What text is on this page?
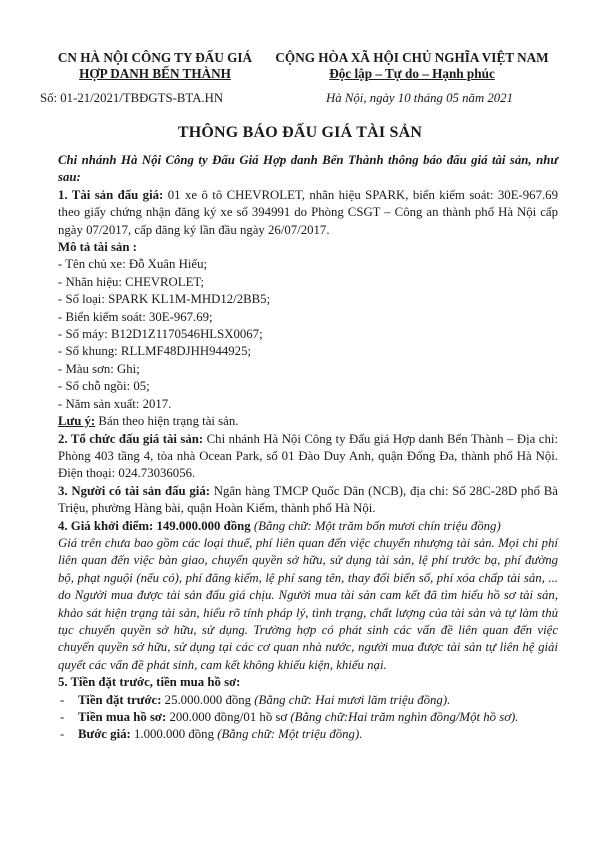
CN HÀ NỘI CÔNG TY ĐẤU GIÁ
HỢP DANH BẾN THÀNH
CỘNG HÒA XÃ HỘI CHỦ NGHĨA VIỆT NAM
Độc lập – Tự do – Hạnh phúc
Số: 01-21/2021/TBĐGTS-BTA.HN	Hà Nội, ngày 10 tháng 05 năm 2021
THÔNG BÁO ĐẤU GIÁ TÀI SẢN

Chi nhánh Hà Nội Công ty Đấu Giá Hợp danh Bến Thành thông báo đấu giá tài sản, như sau:

1. Tài sản đấu giá: 01 xe ô tô CHEVROLET, nhãn hiệu SPARK, biển kiểm soát: 30E-967.69 theo giấy chứng nhận đăng ký xe số 394991 do Phòng CSGT – Công an thành phố Hà Nội cấp ngày 07/2017, cấp đăng ký lần đầu ngày 26/07/2017.

Mô tả tài sản :

- Tên chủ xe: Đỗ Xuân Hiếu;

- Nhãn hiệu: CHEVROLET;

- Số loại: SPARK KL1M-MHD12/2BB5;

- Biển kiểm soát: 30E-967.69;

- Số máy: B12D1Z1170546HLSX0067;

- Số khung: RLLMF48DJHH944925;

- Màu sơn: Ghi;

- Số chỗ ngồi: 05;

- Năm sản xuất: 2017.

Lưu ý: Bán theo hiện trạng tài sản.

2. Tổ chức đấu giá tài sản: Chi nhánh Hà Nội Công ty Đấu giá Hợp danh Bến Thành – Địa chỉ: Phòng 403 tầng 4, tòa nhà Ocean Park, số 01 Đào Duy Anh, quận Đống Đa, thành phố Hà Nội. Điện thoại: 024.73036056.

3. Người có tài sản đấu giá: Ngân hàng TMCP Quốc Dân (NCB), địa chỉ: Số 28C-28D phố Bà Triệu, phường Hàng bài, quận Hoàn Kiếm, thành phố Hà Nội.

4. Giá khởi điểm: 149.000.000 đồng (Bằng chữ: Một trăm bốn mươi chín triệu đồng)

Giá trên chưa bao gồm các loại thuế, phí liên quan đến việc chuyển nhượng tài sản. Mọi chi phí liên quan đến việc bàn giao, chuyển quyền sở hữu, sử dụng tài sản, lệ phí trước bạ, phí đường bộ, phạt nguội (nếu có), phí đăng kiểm, lệ phí sang tên, thay đổi biển số, phí xóa chấp tài sản, ... do Người mua được tài sản đấu giá chịu. Người mua tài sản cam kết đã tìm hiểu hồ sơ tài sản, khảo sát hiện trạng tài sản, hiểu rõ tính pháp lý, tình trạng, chất lượng của tài sản và tự làm thủ tục chuyển quyền sở hữu, sử dụng. Trường hợp có phát sinh các vấn đề liên quan đến việc chuyển quyền sở hữu, sử dụng tại các cơ quan nhà nước, người mua được tài sản tự liên hệ giải quyết các vấn đề phát sinh, cam kết không khiếu kiện, khiếu nại.

5. Tiền đặt trước, tiền mua hồ sơ:

- Tiền đặt trước: 25.000.000 đồng (Bằng chữ: Hai mươi lăm triệu đồng).

- Tiền mua hồ sơ: 200.000 đồng/01 hồ sơ (Bằng chữ:Hai trăm nghìn đồng/Một hồ sơ).

- Bước giá: 1.000.000 đồng (Bằng chữ: Một triệu đồng).
